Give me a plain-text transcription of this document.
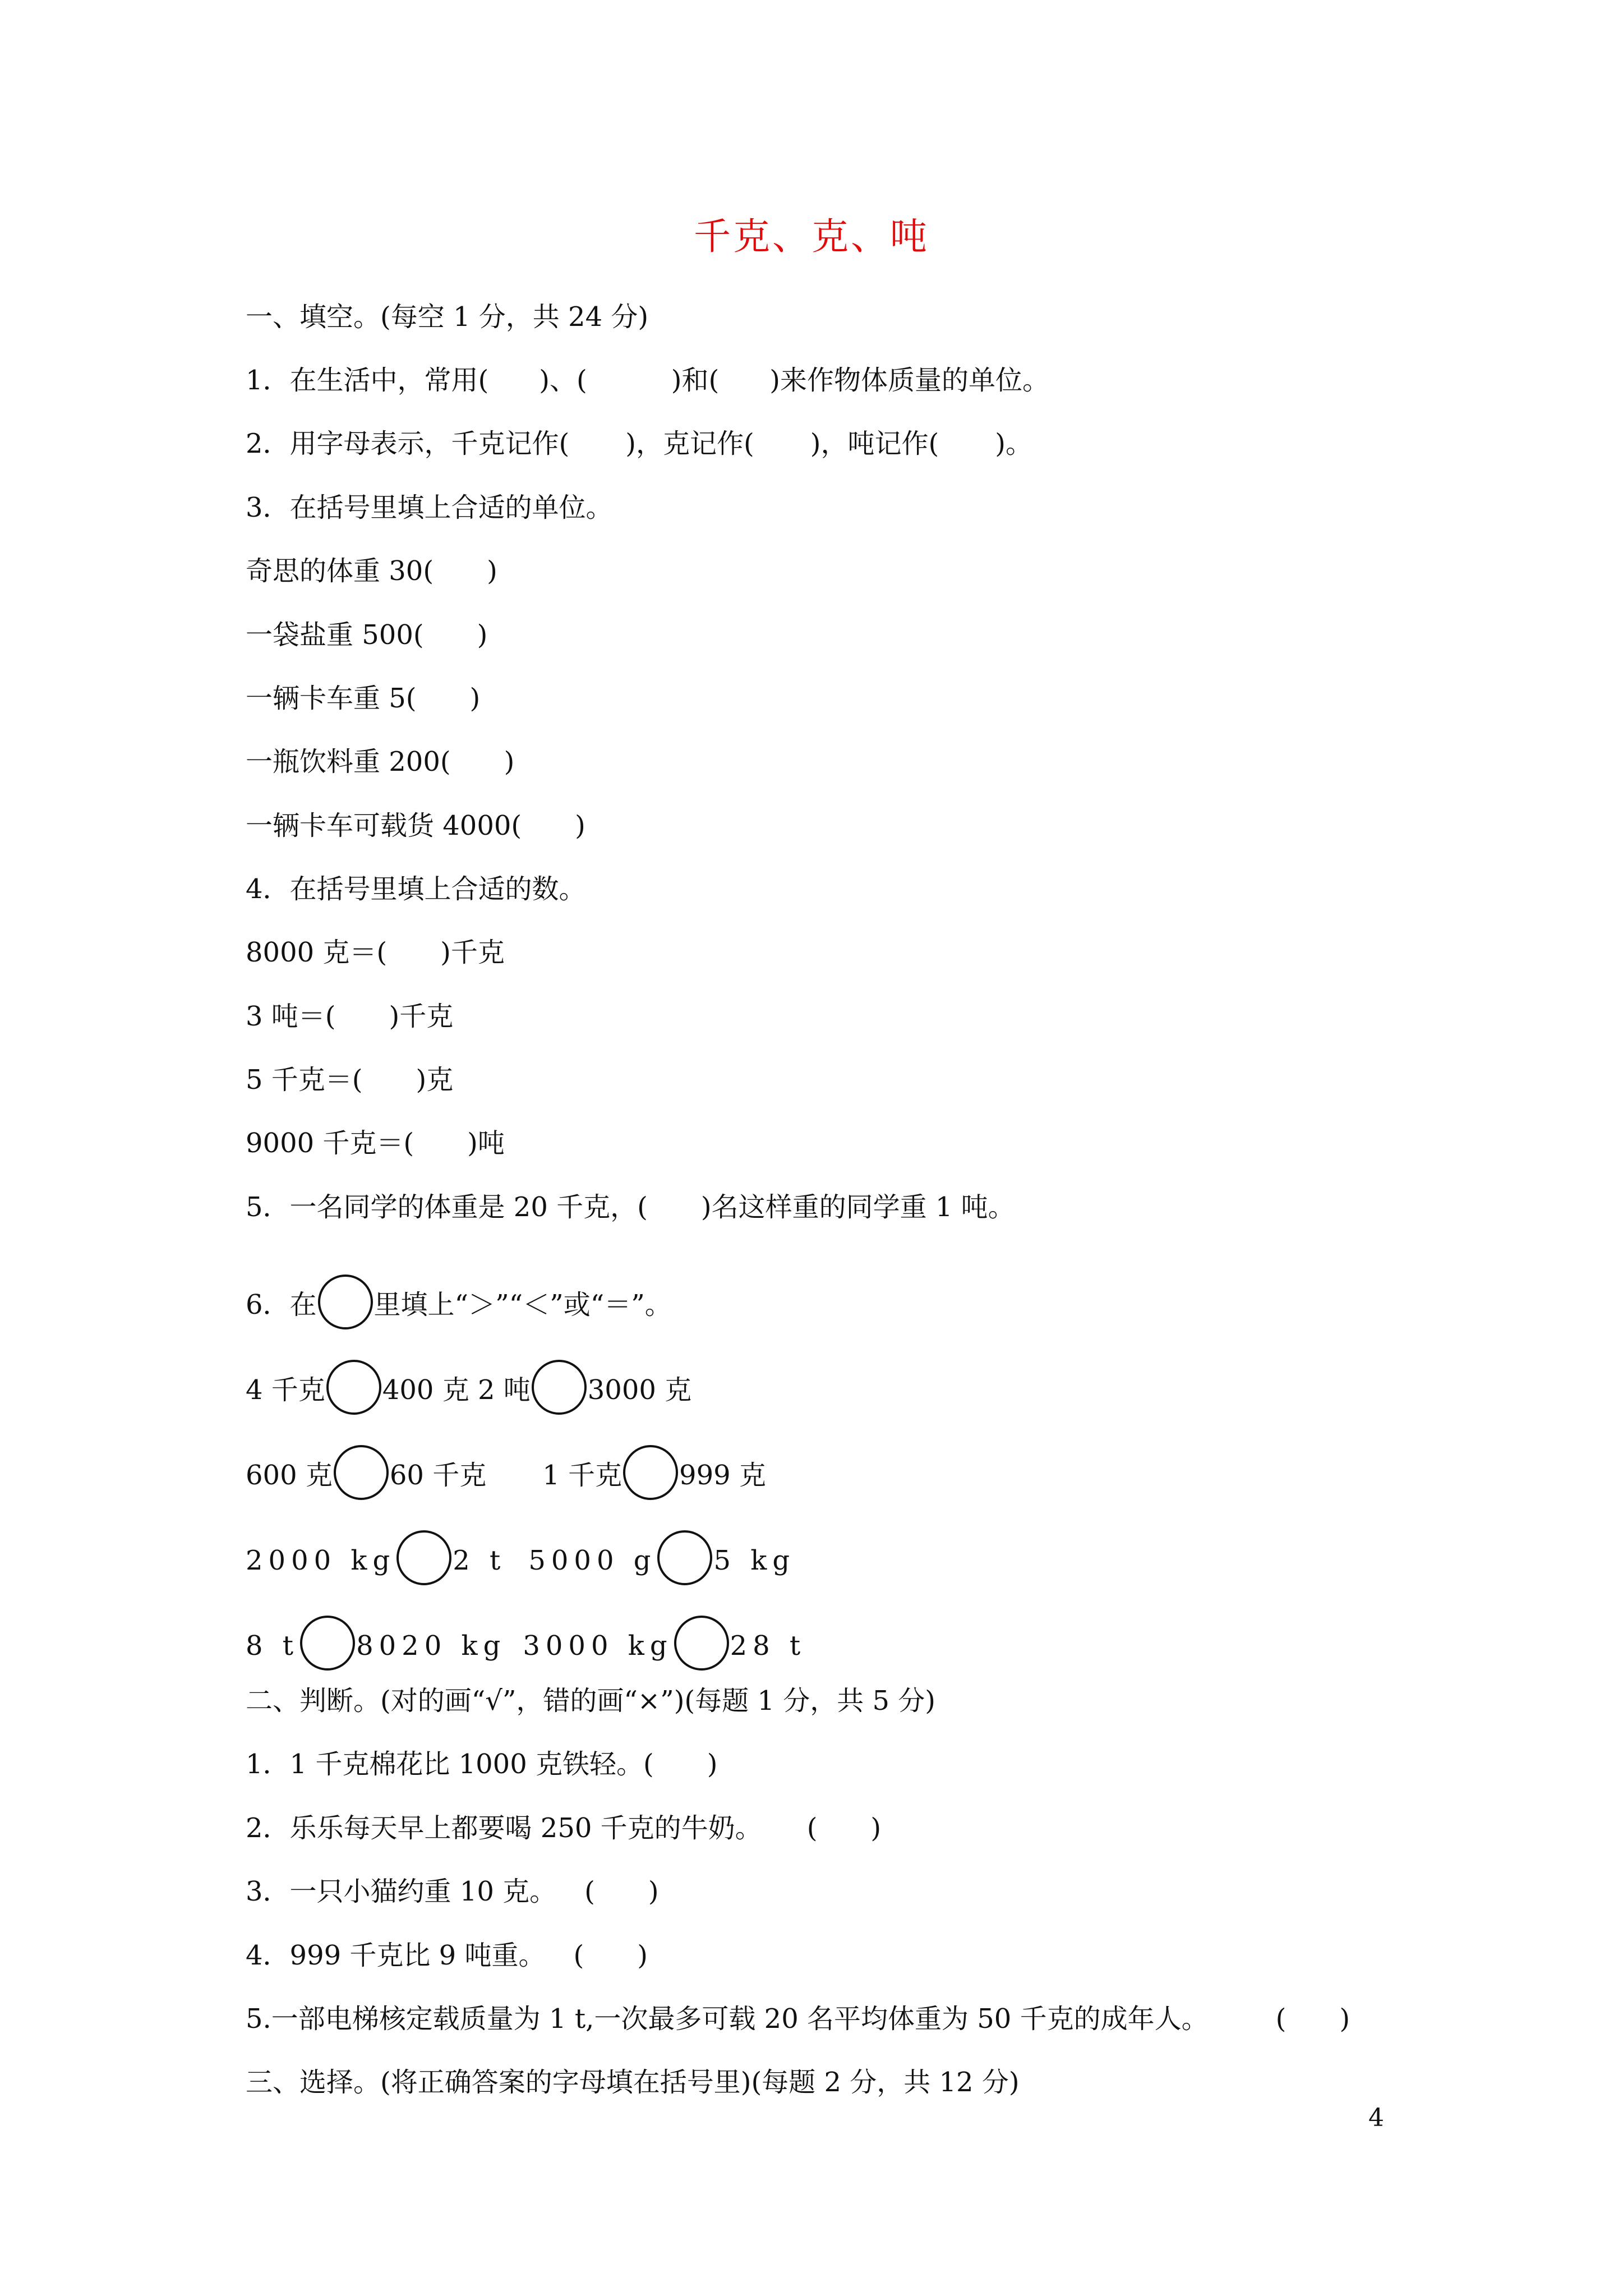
千克、克、吨
一、填空。(每空 1 分，共 24 分)
1．在生活中，常用( )、(	)和( )来作物体质量的单位。
2．用字母表示，千克记作( )，克记作( )，吨记作( )。
3．在括号里填上合适的单位。
奇思的体重 30( )
一袋盐重 500( )
一辆卡车重 5( )
一瓶饮料重 200( )
一辆卡车可载货 4000( )
4．在括号里填上合适的数。
8000 克＝( )千克
3 吨＝( )千克
5 千克＝( )克
9000 千克＝( )吨
5．一名同学的体重是 20 千克，( )名这样重的同学重 1 吨。
6．在 里填上“＞”“＜”或“＝”。
4 千克 400 克 2 吨 3000 克
600 克 60 千克 1 千克 999 克
2000 kg 2 t 5000 g 5 kg
8 t 8020 kg 3000 kg 28 t
二、判断。(对的画“√”，错的画“×”)(每题 1 分，共 5 分)
1．1 千克棉花比 1000 克铁轻。( )
2．乐乐每天早上都要喝 250 千克的牛奶。 ( )
3．一只小猫约重 10 克。 ( )
4．999 千克比 9 吨重。 ( )
5.一部电梯核定载质量为 1 t,一次最多可载 20 名平均体重为 50 千克的成年人。	( )
三、选择。(将正确答案的字母填在括号里)(每题 2 分，共 12 分)
4
